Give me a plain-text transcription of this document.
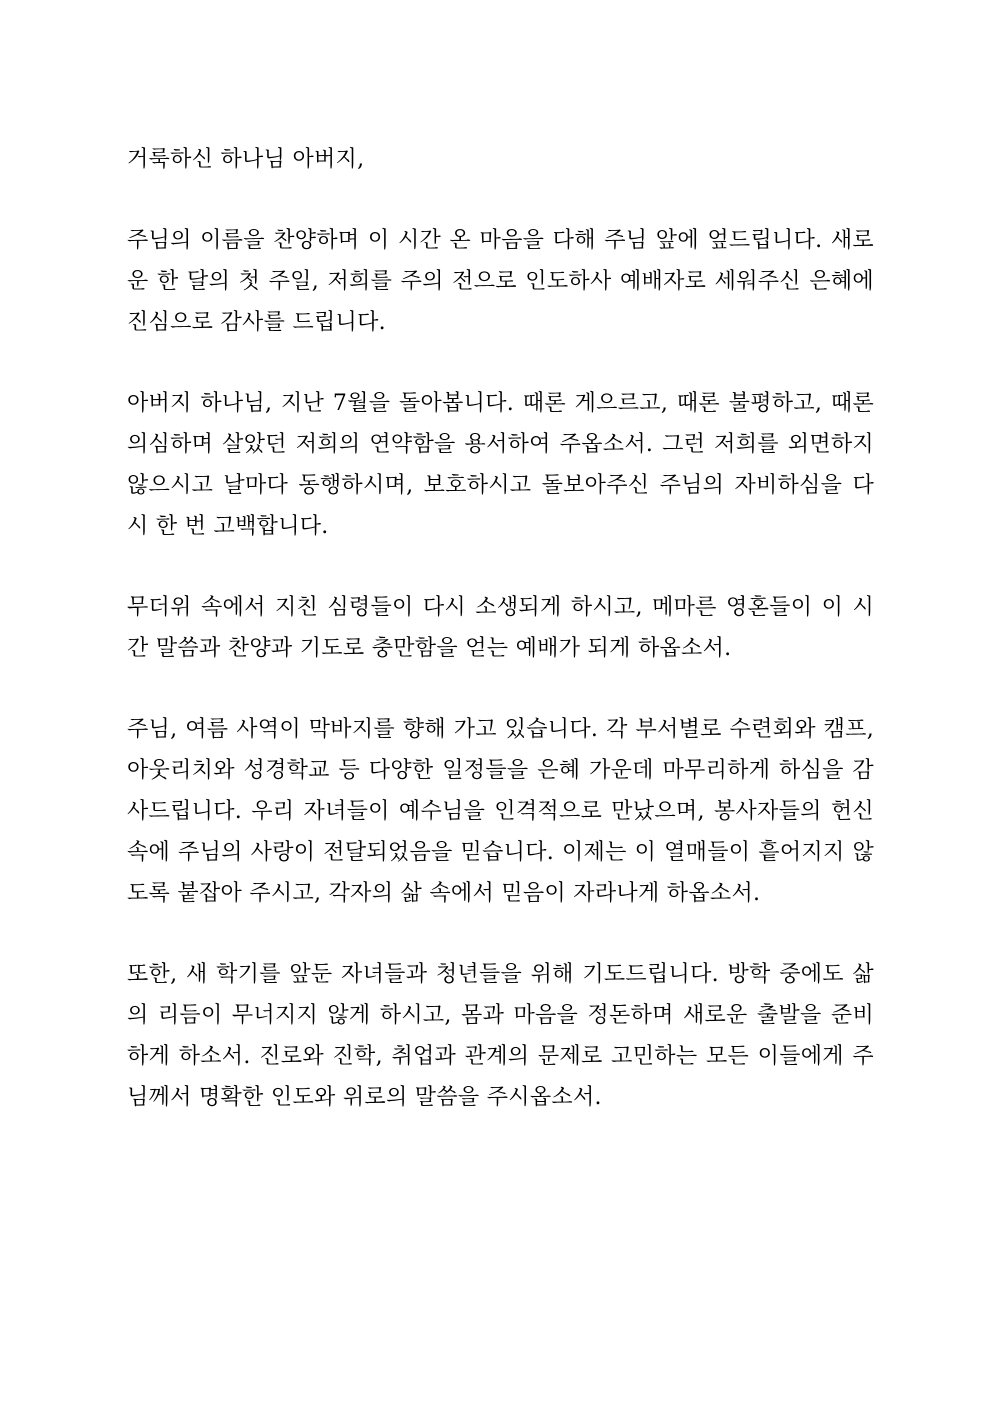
거룩하신 하나님 아버지,

주님의 이름을 찬양하며 이 시간 온 마음을 다해 주님 앞에 엎드립니다. 새로운 한 달의 첫 주일, 저희를 주의 전으로 인도하사 예배자로 세워주신 은혜에 진심으로 감사를 드립니다.

아버지 하나님, 지난 7월을 돌아봅니다. 때론 게으르고, 때론 불평하고, 때론 의심하며 살았던 저희의 연약함을 용서하여 주옵소서. 그런 저희를 외면하지 않으시고 날마다 동행하시며, 보호하시고 돌보아주신 주님의 자비하심을 다시 한 번 고백합니다.

무더위 속에서 지친 심령들이 다시 소생되게 하시고, 메마른 영혼들이 이 시간 말씀과 찬양과 기도로 충만함을 얻는 예배가 되게 하옵소서.

주님, 여름 사역이 막바지를 향해 가고 있습니다. 각 부서별로 수련회와 캠프, 아웃리치와 성경학교 등 다양한 일정들을 은혜 가운데 마무리하게 하심을 감사드립니다. 우리 자녀들이 예수님을 인격적으로 만났으며, 봉사자들의 헌신 속에 주님의 사랑이 전달되었음을 믿습니다. 이제는 이 열매들이 흩어지지 않도록 붙잡아 주시고, 각자의 삶 속에서 믿음이 자라나게 하옵소서.

또한, 새 학기를 앞둔 자녀들과 청년들을 위해 기도드립니다. 방학 중에도 삶의 리듬이 무너지지 않게 하시고, 몸과 마음을 정돈하며 새로운 출발을 준비하게 하소서. 진로와 진학, 취업과 관계의 문제로 고민하는 모든 이들에게 주님께서 명확한 인도와 위로의 말씀을 주시옵소서.
